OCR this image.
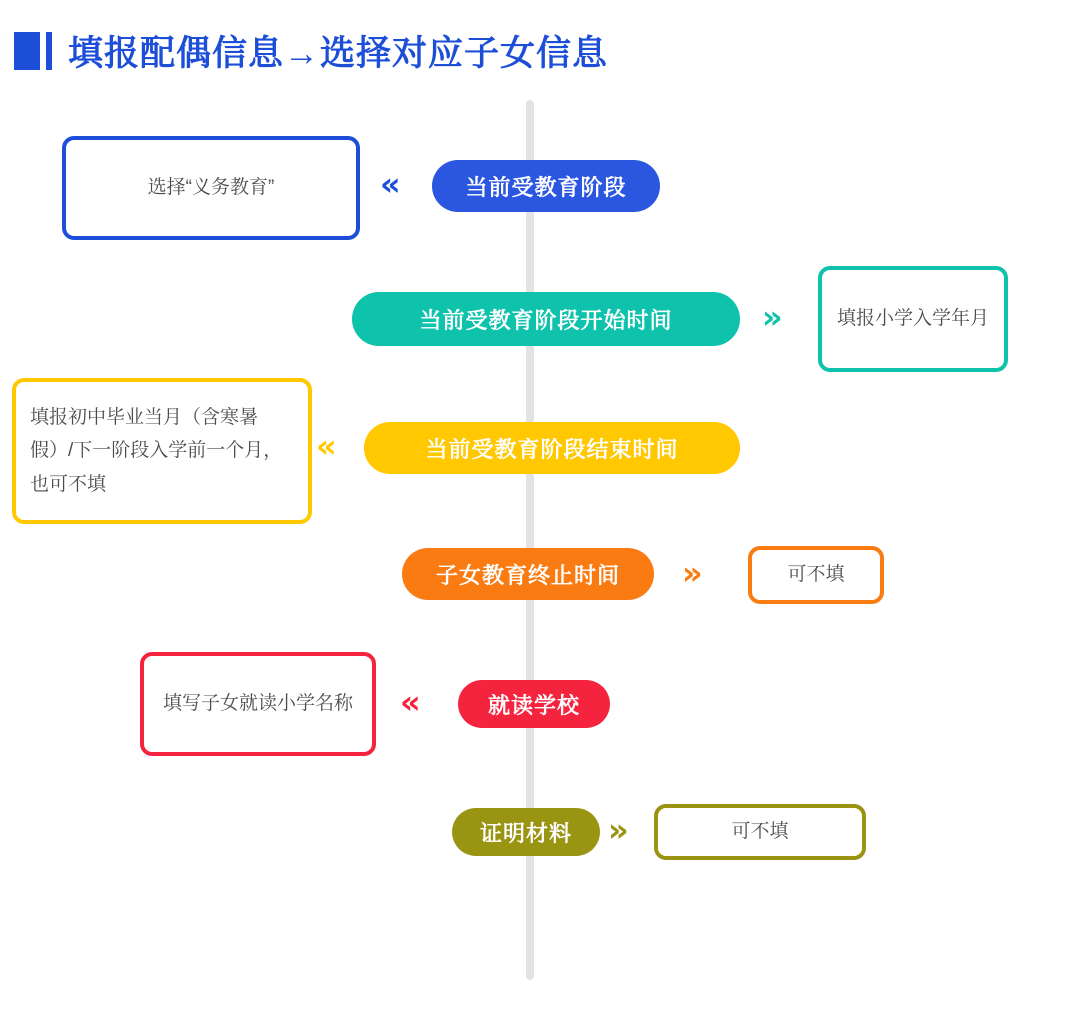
填报配偶信息→选择对应子女信息
选择“义务教育”	«	当前受教育阶段
当前受教育阶段开始时间	»	填报小学入学年月
填报初中毕业当月（含寒暑假）/下一阶段入学前一个月，也可不填
«	当前受教育阶段结束时间
子女教育终止时间	»	可不填
填写子女就读小学名称	«	就读学校
证明材料	»	可不填
